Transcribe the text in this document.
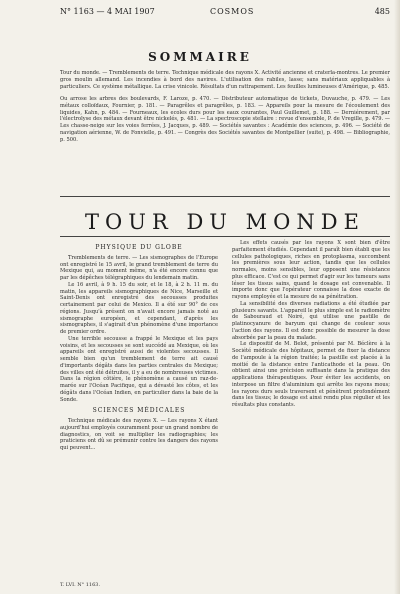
N° 1163 — 4 MAI 1907	COSMOS	485
SOMMAIRE

Tour du monde. — Tremblements de terre. Technique médicale des rayons X. Activité ancienne et craterla-montres. Le premier gros moulin allemand. Les incendies à bord des navires. L'utilisation des rabiles, lasse; sans matériaux appliquables à particuliers. Ce système métallique. La crise vinicole. Résultats d'un rattrapement. Les feuilles lumineuses d'Amérique, p. 485.

Ou arrose les arbres des boulevards, F. Laroze, p. 470. — Distributeur automatique de tickets, Duvauche, p. 479. — Les métaux colloïdaux, Fournier, p. 181. — Paragrêles et paragrêles, p. 183. — Appareils pour la mesure de l'écoulement des liquides, Kahn, p. 484. — Fourneaux, les ecoles durs pour les eaux courantes, Paul Guillemet, p. 188. — Derniérement, par l'électrolyse des métaux devant être nickelés, p. 481. — La spectroscopie stellaire : revue d'ensemble, P. de Vregille, p. 479. — Les chasse-neige sur les voies ferrées, J. Jacques, p. 489. — Sociétés savantes : Académie des sciences, p. 496. — Société de navigation aérienne, W. de Fonvielle, p. 491. — Congrès des Sociétés savantes de Montpellier (suite), p. 498. — Bibliographie, p. 500.

TOUR DU MONDE
PHYSIQUE DU GLOBE

Tremblements de terre. — Les sismographes de l'Europe ont enregistré le 15 avril, le grand tremblement de terre du Mexique qui, au moment même, n'a été encore connu que par les dépêches télégraphiques du lendemain matin.

Le 16 avril, à 9 h. 15 du soir, et le 18, à 2 h. 11 m. du matin, les appareils sismographiques de Nice, Marseille et Saint-Denis ont enregistré des secousses produites certainement par celui de Mexico. Il a été sur 90° de ces régions. Jusqu'à présent on n'avait encore jamais noté au sismographe européen, et cependant, d'après les sismographes, il s'agirait d'un phénomène d'une importance de premier ordre.

Une terrible secousse a frappé le Mexique et les pays voisins, et les secousses se sont succédé au Mexique, où les appareils ont enregistré aussi de violentes secousses. Il semble bien qu'un tremblement de terre ait causé d'importants dégâts dans les parties centrales du Mexique; des villes ont été détruites, il y a eu de nombreuses victimes. Dans la région côtière, le phénomène a causé un raz-de-marée sur l'Océan Pacifique, qui a dévasté les côtes, et les dégâts dans l'Océan Indien, en particulier dans la baie de la Sonde.

SCIENCES MÉDICALES

Technique médicale des rayons X. — Les rayons X étant aujourd'hui employés couramment pour un grand nombre de diagnostics, on voit se multiplier les radiographies; les praticiens ont dû se prémunir contre les dangers des rayons qui peuvent...

Les effets causés par les rayons X sont bien d'être parfaitement étudiés. Cependant il paraît bien établi que les cellules pathologiques, riches en protoplasma, succombent les premières sous leur action, tandis que les cellules normales, moins sensibles, leur opposent une résistance plus efficace. C'est ce qui permet d'agir sur les tumeurs sans léser les tissus sains, quand le dosage est convenable. Il importe donc que l'opérateur connaisse la dose exacte de rayons employée et la mesure de sa pénétration.

La sensibilité des diverses radiations a été étudiée par plusieurs savants. L'appareil le plus simple est le radiomètre de Sabouraud et Noiré, qui utilise une pastille de platinocyanure de baryum qui change de couleur sous l'action des rayons. Il est donc possible de mesurer la dose absorbée par la peau du malade.

Le dispositif de M. Belot, présenté par M. Béclère à la Société médicale des hôpitaux, permet de fixer la distance de l'ampoule à la région traitée; la pastille est placée à la moitié de la distance entre l'anticathode et la peau. On obtient ainsi une précision suffisante dans la pratique des applications thérapeutiques. Pour éviter les accidents, on interpose un filtre d'aluminium qui arrête les rayons mous; les rayons durs seuls traversent et pénètrent profondément dans les tissus; le dosage est ainsi rendu plus régulier et les résultats plus constants.

T. LVI. N° 1163.
